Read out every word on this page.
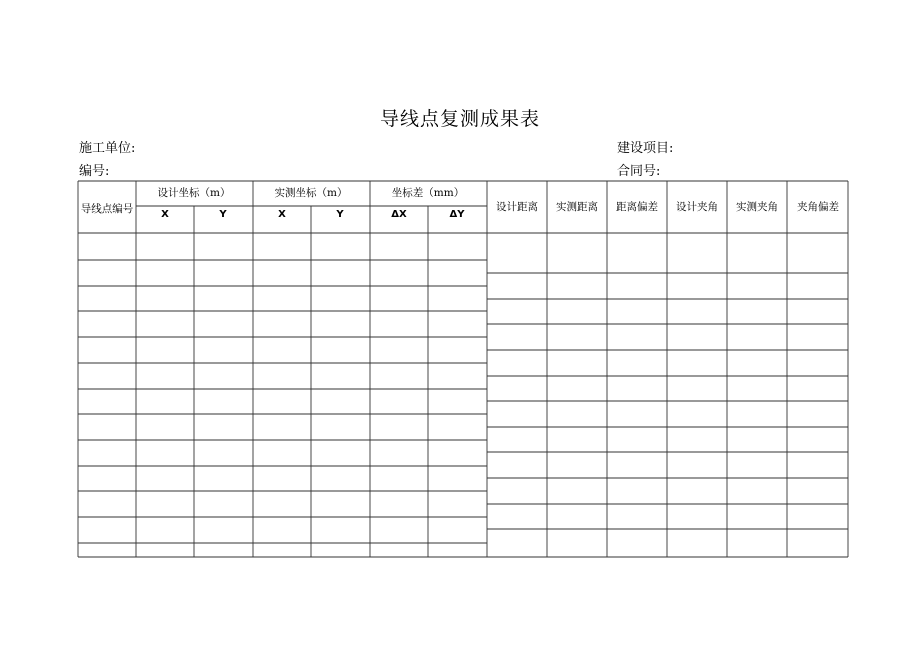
导线点复测成果表
施工单位:	建设项目:
编号:	合同号:
导线点编号
设计坐标（m）	实测坐标（m）	坐标差（mm）
X	Y	X	Y	ΔX	ΔY
设计距离 实测距离 距离偏差 设计夹角 实测夹角 夹角偏差
